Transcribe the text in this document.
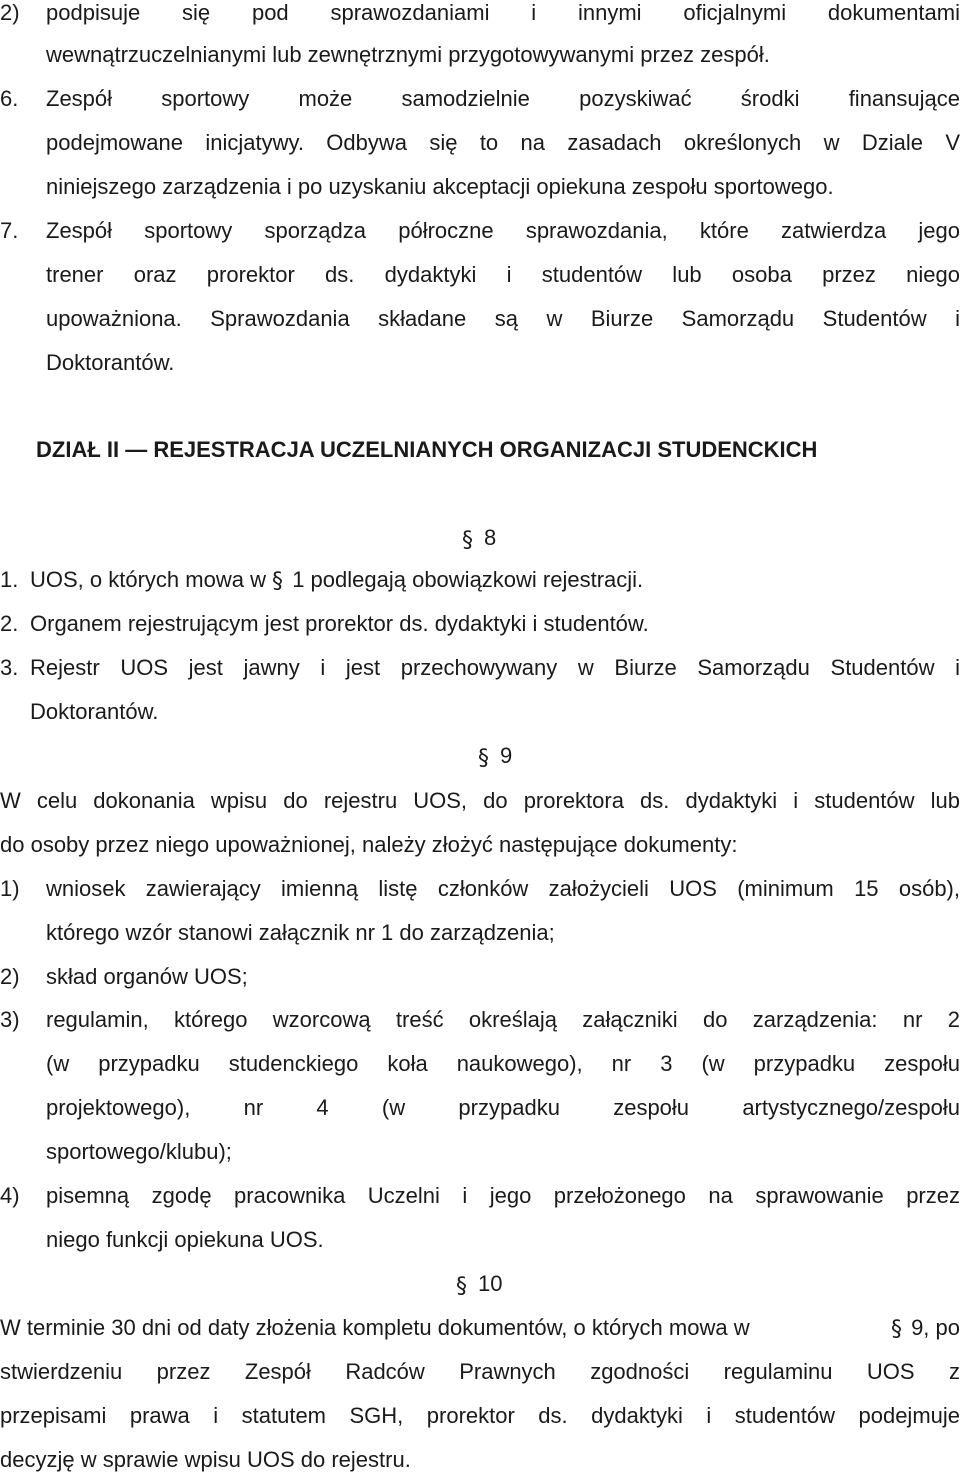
2) podpisuje się pod sprawozdaniami i innymi oficjalnymi dokumentami
wewnątrzuczelnianymi lub zewnętrznymi przygotowywanymi przez zespół.
6. Zespół sportowy może samodzielnie pozyskiwać środki finansujące
podejmowane inicjatywy. Odbywa się to na zasadach określonych w Dziale V
niniejszego zarządzenia i po uzyskaniu akceptacji opiekuna zespołu sportowego.
7. Zespół sportowy sporządza półroczne sprawozdania, które zatwierdza jego
trener oraz prorektor ds. dydaktyki i studentów lub osoba przez niego
upoważniona. Sprawozdania składane są w Biurze Samorządu Studentów i
Doktorantów.
DZIAŁ II — REJESTRACJA UCZELNIANYCH ORGANIZACJI STUDENCKICH
§ 8
1. UOS, o których mowa w § 1 podlegają obowiązkowi rejestracji.
2. Organem rejestrującym jest prorektor ds. dydaktyki i studentów.
3. Rejestr UOS jest jawny i jest przechowywany w Biurze Samorządu Studentów i
Doktorantów.
§ 9
W celu dokonania wpisu do rejestru UOS, do prorektora ds. dydaktyki i studentów lub
do osoby przez niego upoważnionej, należy złożyć następujące dokumenty:
1) wniosek zawierający imienną listę członków założycieli UOS (minimum 15 osób),
którego wzór stanowi załącznik nr 1 do zarządzenia;
2) skład organów UOS;
3) regulamin, którego wzorcową treść określają załączniki do zarządzenia: nr 2
(w przypadku studenckiego koła naukowego), nr 3 (w przypadku zespołu
projektowego), nr 4 (w przypadku zespołu artystycznego/zespołu
sportowego/klubu);
4) pisemną zgodę pracownika Uczelni i jego przełożonego na sprawowanie przez
niego funkcji opiekuna UOS.
§ 10
W terminie 30 dni od daty złożenia kompletu dokumentów, o których mowa w	§ 9, po
stwierdzeniu przez Zespół Radców Prawnych zgodności regulaminu UOS z
przepisami prawa i statutem SGH, prorektor ds. dydaktyki i studentów podejmuje
decyzję w sprawie wpisu UOS do rejestru.
